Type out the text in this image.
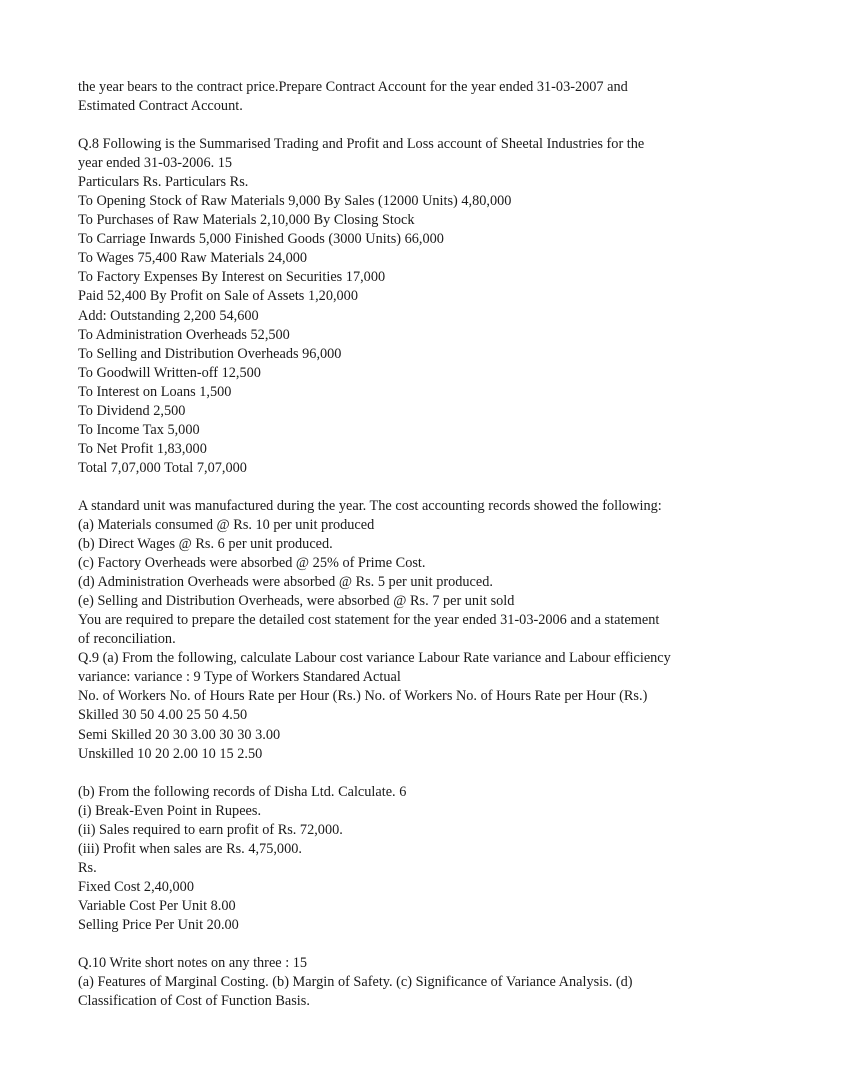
the year bears to the contract price.Prepare Contract Account for the year ended 31-03-2007 and
Estimated Contract Account.
Q.8 Following is the Summarised Trading and Profit and Loss account of Sheetal Industries for the
year ended 31-03-2006. 15
Particulars Rs. Particulars Rs.
To Opening Stock of Raw Materials 9,000 By Sales (12000 Units) 4,80,000
To Purchases of Raw Materials 2,10,000 By Closing Stock
To Carriage Inwards 5,000 Finished Goods (3000 Units) 66,000
To Wages 75,400 Raw Materials 24,000
To Factory Expenses By Interest on Securities 17,000
Paid 52,400 By Profit on Sale of Assets 1,20,000
Add: Outstanding 2,200 54,600
To Administration Overheads 52,500
To Selling and Distribution Overheads 96,000
To Goodwill Written-off 12,500
To Interest on Loans 1,500
To Dividend 2,500
To Income Tax 5,000
To Net Profit 1,83,000
Total 7,07,000 Total 7,07,000
A standard unit was manufactured during the year. The cost accounting records showed the following:
(a) Materials consumed @ Rs. 10 per unit produced
(b) Direct Wages @ Rs. 6 per unit produced.
(c) Factory Overheads were absorbed @ 25% of Prime Cost.
(d) Administration Overheads were absorbed @ Rs. 5 per unit produced.
(e) Selling and Distribution Overheads, were absorbed @ Rs. 7 per unit sold
You are required to prepare the detailed cost statement for the year ended 31-03-2006 and a statement
of reconciliation.
Q.9 (a) From the following, calculate Labour cost variance Labour Rate variance and Labour efficiency
variance: variance : 9 Type of Workers Standared Actual
No. of Workers No. of Hours Rate per Hour (Rs.) No. of Workers No. of Hours Rate per Hour (Rs.)
Skilled 30 50 4.00 25 50 4.50
Semi Skilled 20 30 3.00 30 30 3.00
Unskilled 10 20 2.00 10 15 2.50
(b) From the following records of Disha Ltd. Calculate. 6
(i) Break-Even Point in Rupees.
(ii) Sales required to earn profit of Rs. 72,000.
(iii) Profit when sales are Rs. 4,75,000.
Rs.
Fixed Cost 2,40,000
Variable Cost Per Unit 8.00
Selling Price Per Unit 20.00
Q.10 Write short notes on any three : 15
(a) Features of Marginal Costing. (b) Margin of Safety. (c) Significance of Variance Analysis. (d)
Classification of Cost of Function Basis.
